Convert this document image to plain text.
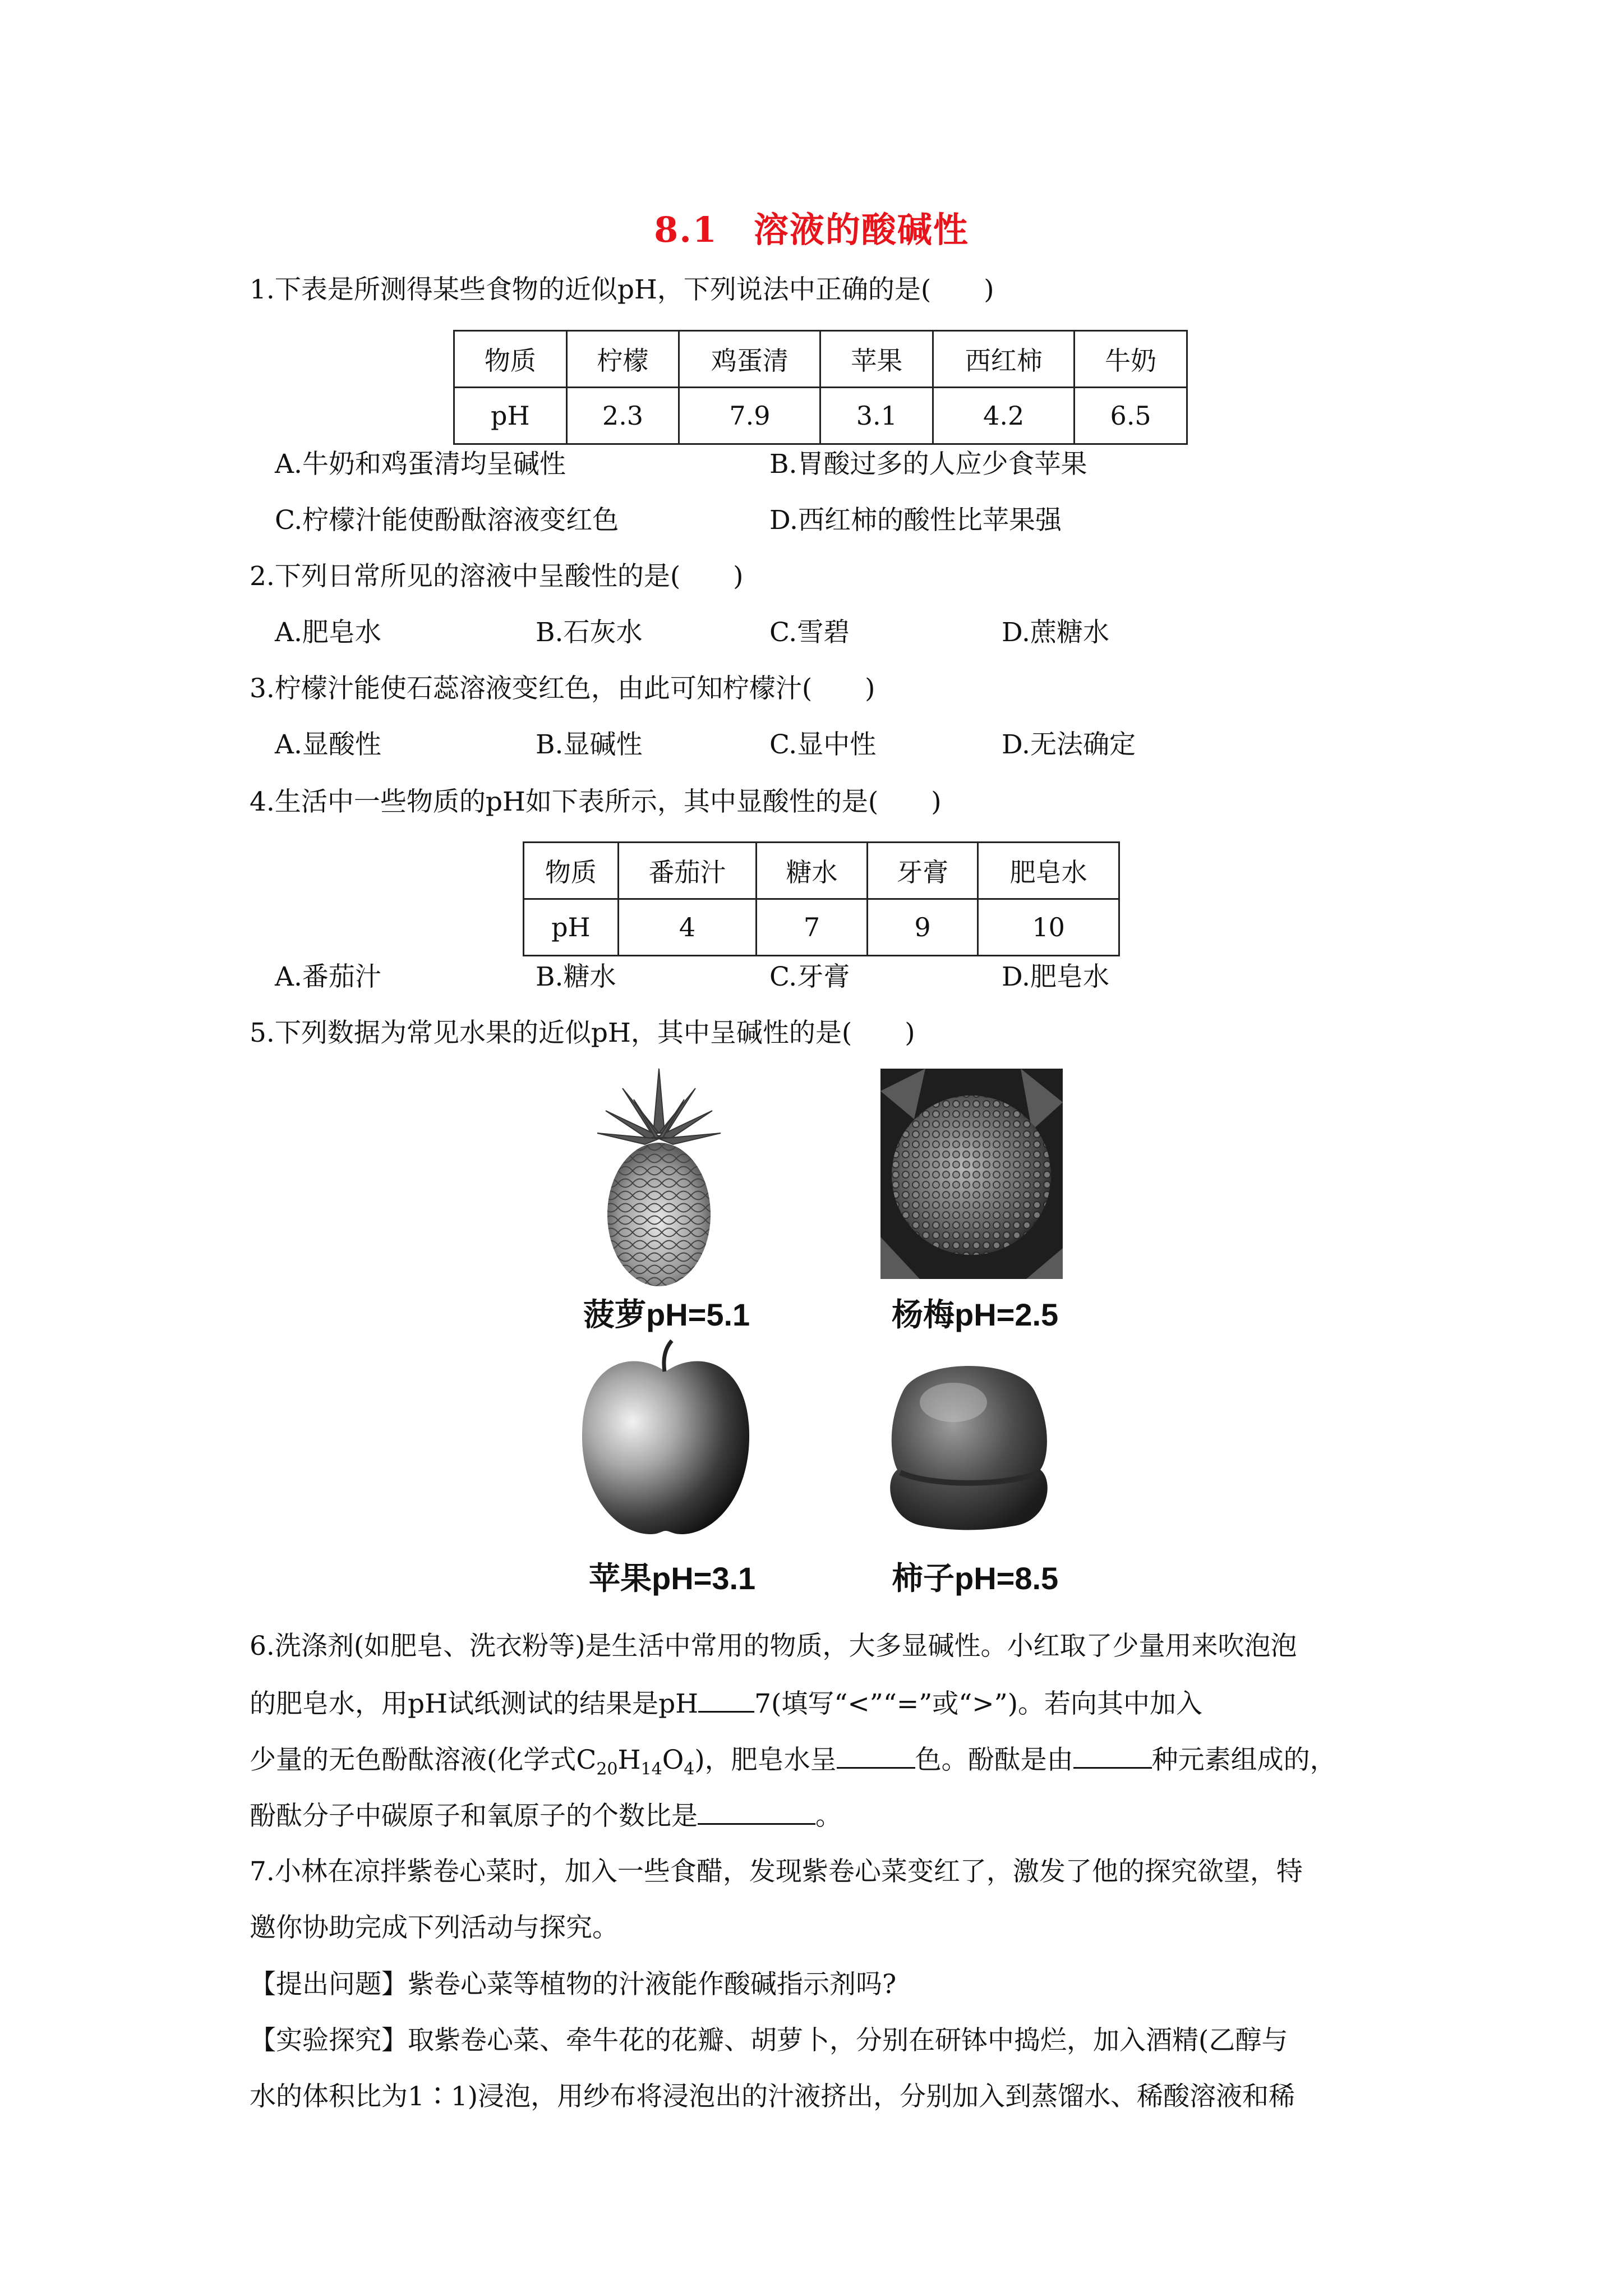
8.1　溶液的酸碱性
1.下表是所测得某些食物的近似pH，下列说法中正确的是(　　)
物质	柠檬	鸡蛋清	苹果	西红柿	牛奶
pH	2.3	7.9	3.1	4.2	6.5
A.牛奶和鸡蛋清均呈碱性	B.胃酸过多的人应少食苹果
C.柠檬汁能使酚酞溶液变红色	D.西红柿的酸性比苹果强
2.下列日常所见的溶液中呈酸性的是(　　)
A.肥皂水	B.石灰水	C.雪碧	D.蔗糖水
3.柠檬汁能使石蕊溶液变红色，由此可知柠檬汁(　　)
A.显酸性	B.显碱性	C.显中性	D.无法确定
4.生活中一些物质的pH如下表所示，其中显酸性的是(　　)
物质	番茄汁	糖水	牙膏	肥皂水
pH	4	7	9	10
A.番茄汁	B.糖水	C.牙膏	D.肥皂水
5.下列数据为常见水果的近似pH，其中呈碱性的是(　　)
菠萝pH=5.1	杨梅pH=2.5
苹果pH=3.1	柿子pH=8.5
6.洗涤剂(如肥皂、洗衣粉等)是生活中常用的物质，大多显碱性。小红取了少量用来吹泡泡
的肥皂水，用pH试纸测试的结果是pH 7(填写“<”“=”或“>”)。若向其中加入
少量的无色酚酞溶液(化学式$C_{20}H_{14}O_4$)，肥皂水呈	色。酚酞是由	种元素组成的，
酚酞分子中碳原子和氧原子的个数比是	。
7.小林在凉拌紫卷心菜时，加入一些食醋，发现紫卷心菜变红了，激发了他的探究欲望，特
邀你协助完成下列活动与探究。
【提出问题】紫卷心菜等植物的汁液能作酸碱指示剂吗?
【实验探究】取紫卷心菜、牵牛花的花瓣、胡萝卜，分别在研钵中捣烂，加入酒精(乙醇与
水的体积比为1∶1)浸泡，用纱布将浸泡出的汁液挤出，分别加入到蒸馏水、稀酸溶液和稀
